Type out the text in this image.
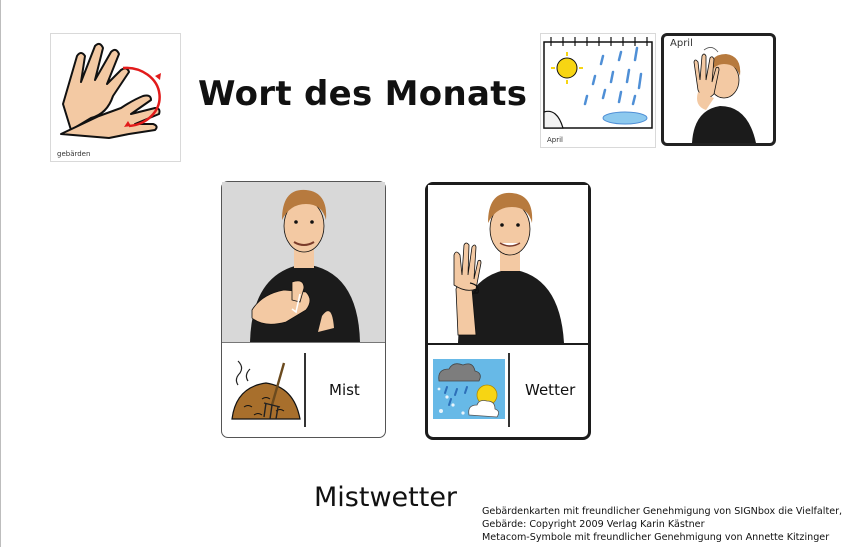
gebärden
Wort des Monats
April
April
Mist	Wetter
Mistwetter	Gebärdenkarten mit freundlicher Genehmigung von SIGNbox die Vielfalter,
Gebärde: Copyright 2009 Verlag Karin Kästner
Metacom-Symbole mit freundlicher Genehmigung von Annette Kitzinger
